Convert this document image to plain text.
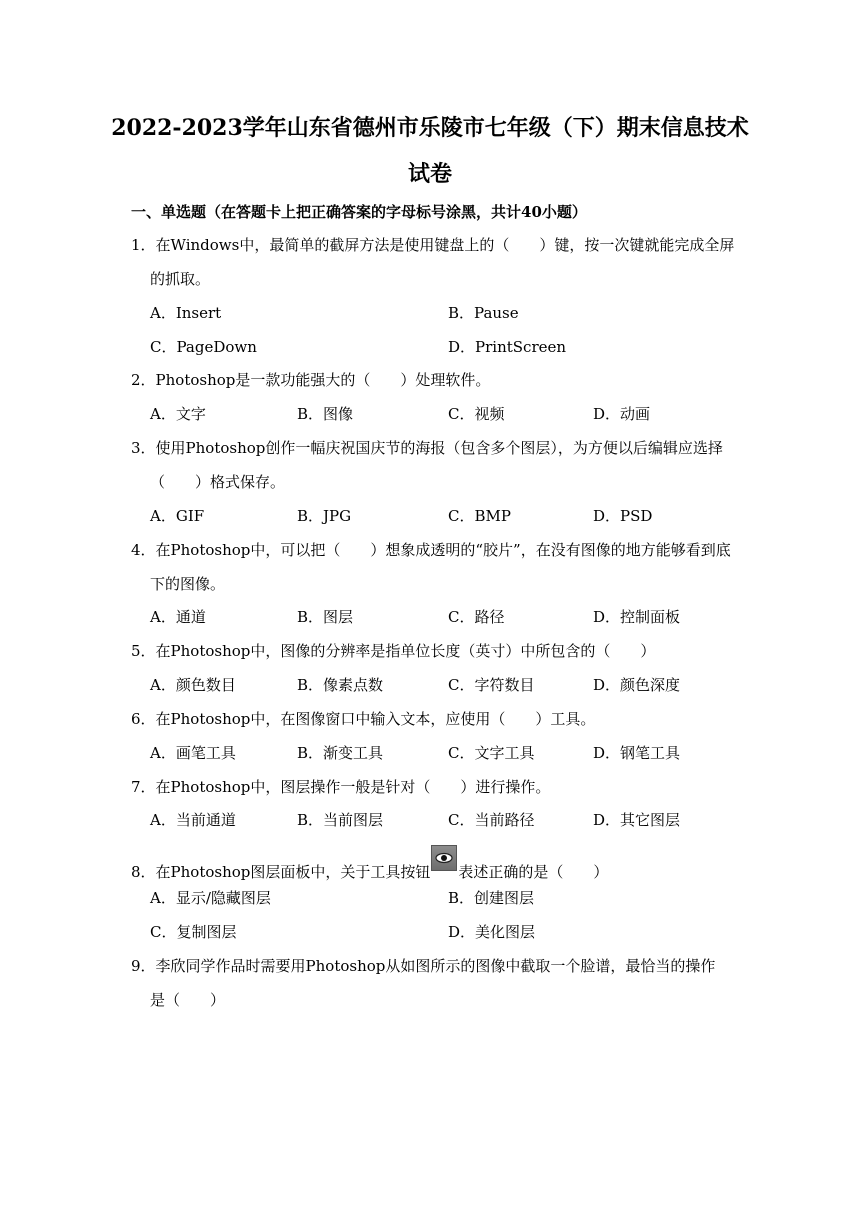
2022-2023学年山东省德州市乐陵市七年级（下）期末信息技术
试卷
一、单选题（在答题卡上把正确答案的字母标号涂黑，共计40小题）
1．在Windows中，最简单的截屏方法是使用键盘上的（　　）键，按一次键就能完成全屏
的抓取。
A．Insert	B．Pause
C．PageDown	D．PrintScreen
2．Photoshop是一款功能强大的（　　）处理软件。
A．文字	B．图像	C．视频	D．动画
3．使用Photoshop创作一幅庆祝国庆节的海报（包含多个图层），为方便以后编辑应选择
（　　）格式保存。
A．GIF	B．JPG	C．BMP	D．PSD
4．在Photoshop中，可以把（　　）想象成透明的“胶片”，在没有图像的地方能够看到底
下的图像。
A．通道	B．图层	C．路径	D．控制面板
5．在Photoshop中，图像的分辨率是指单位长度（英寸）中所包含的（　　）
A．颜色数目	B．像素点数	C．字符数目	D．颜色深度
6．在Photoshop中，在图像窗口中输入文本，应使用（　　）工具。
A．画笔工具	B．渐变工具	C．文字工具	D．钢笔工具
7．在Photoshop中，图层操作一般是针对（　　）进行操作。
A．当前通道	B．当前图层	C．当前路径	D．其它图层
8．在Photoshop图层面板中，关于工具按钮 表述正确的是（　　）
A．显示/隐藏图层	B．创建图层
C．复制图层	D．美化图层
9．李欣同学作品时需要用Photoshop从如图所示的图像中截取一个脸谱，最恰当的操作
是（　　）
